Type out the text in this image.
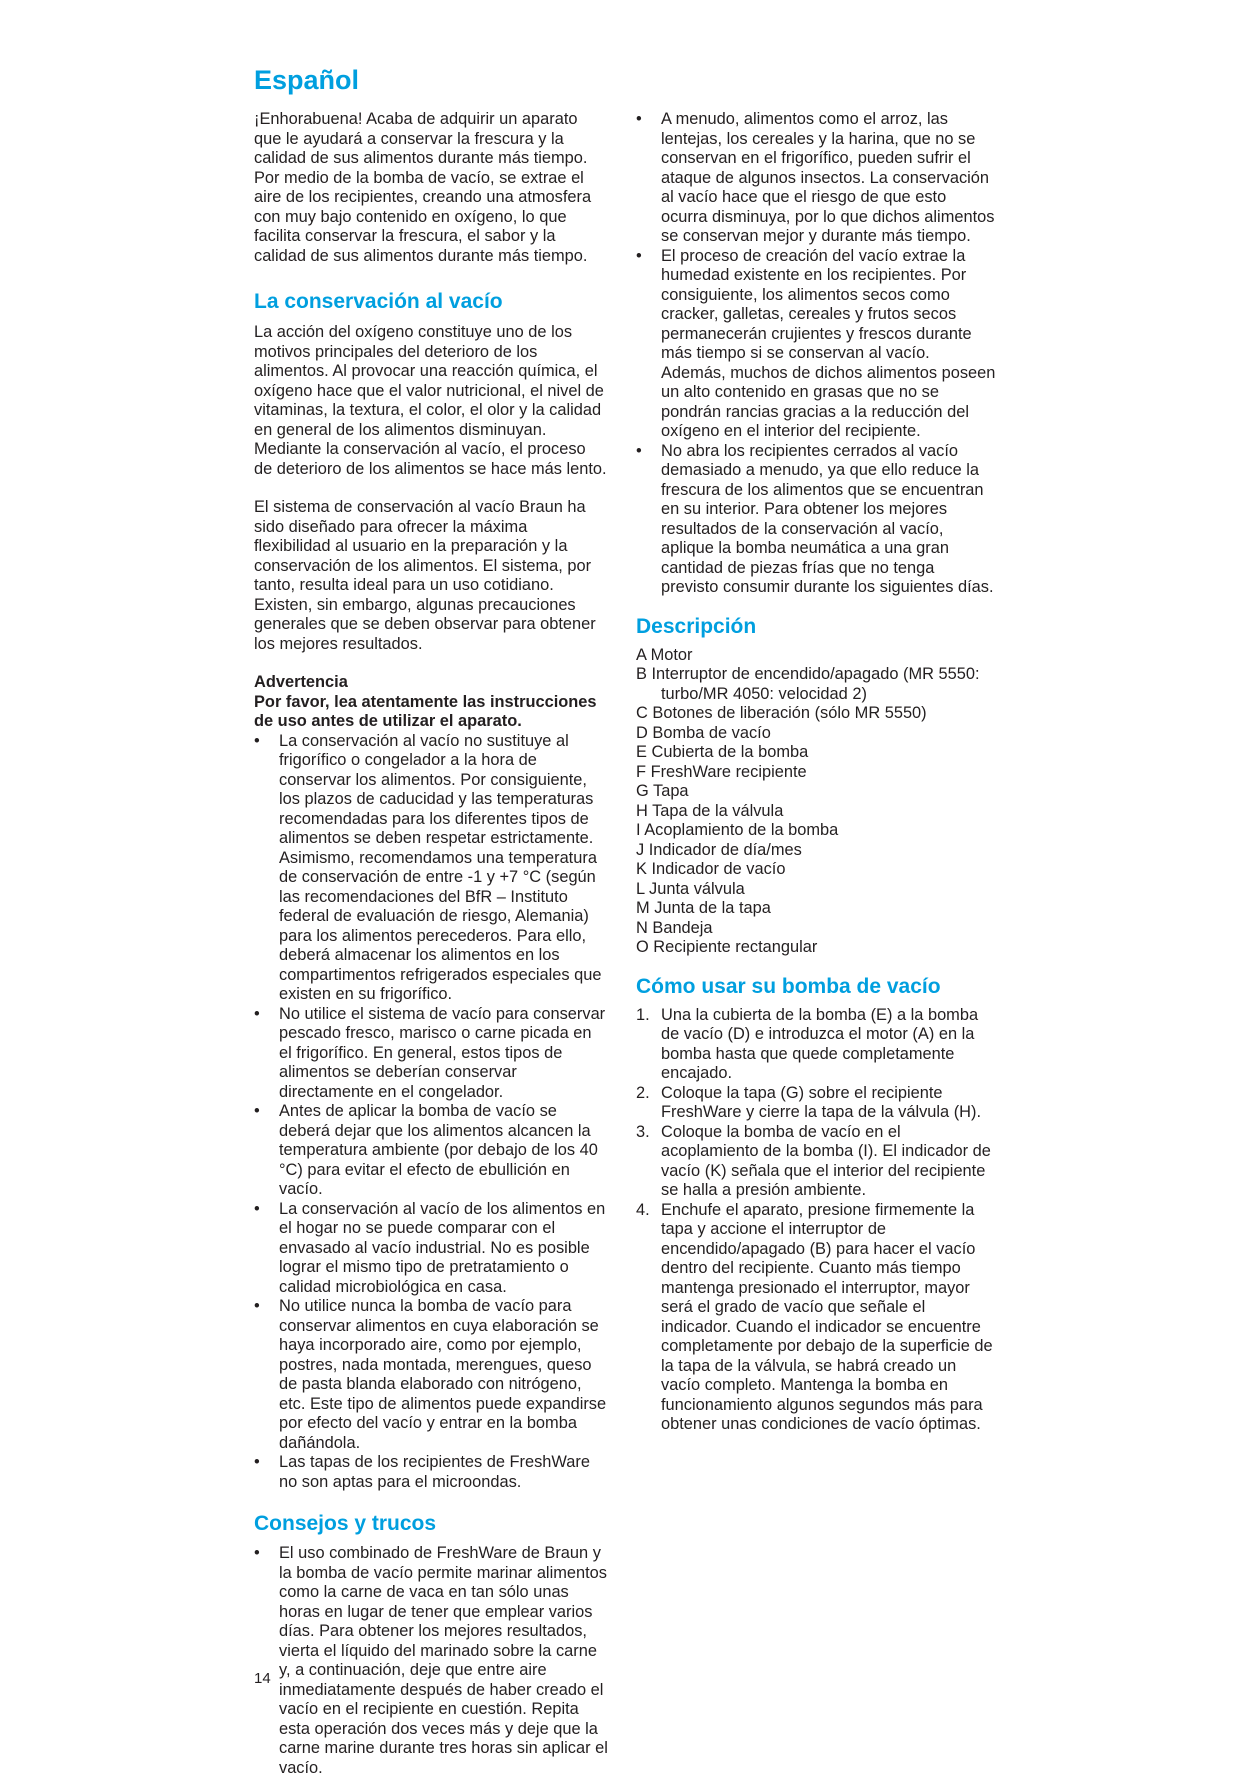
Español

¡Enhorabuena! Acaba de adquirir un aparato que le ayudará a conservar la frescura y la calidad de sus alimentos durante más tiempo. Por medio de la bomba de vacío, se extrae el aire de los recipientes, creando una atmosfera con muy bajo contenido en oxígeno, lo que facilita conservar la frescura, el sabor y la calidad de sus alimentos durante más tiempo.

La conservación al vacío

La acción del oxígeno constituye uno de los motivos principales del deterioro de los alimentos. Al provocar una reacción química, el oxígeno hace que el valor nutricional, el nivel de vitaminas, la textura, el color, el olor y la calidad en general de los alimentos disminuyan. Mediante la conservación al vacío, el proceso de deterioro de los alimentos se hace más lento.

El sistema de conservación al vacío Braun ha sido diseñado para ofrecer la máxima flexibilidad al usuario en la preparación y la conservación de los alimentos. El sistema, por tanto, resulta ideal para un uso cotidiano. Existen, sin embargo, algunas precauciones generales que se deben observar para obtener los mejores resultados.

Advertencia

Por favor, lea atentamente las instrucciones de uso antes de utilizar el aparato.

• La conservación al vacío no sustituye al frigorífico o congelador a la hora de conservar los alimentos. Por consiguiente, los plazos de caducidad y las temperaturas recomendadas para los diferentes tipos de alimentos se deben respetar estrictamente. Asimismo, recomendamos una temperatura de conservación de entre -1 y +7 °C (según las recomendaciones del BfR – Instituto federal de evaluación de riesgo, Alemania) para los alimentos perecederos. Para ello, deberá almacenar los alimentos en los compartimentos refrigerados especiales que existen en su frigorífico.
• No utilice el sistema de vacío para conservar pescado fresco, marisco o carne picada en el frigorífico. En general, estos tipos de alimentos se deberían conservar directamente en el congelador.
• Antes de aplicar la bomba de vacío se deberá dejar que los alimentos alcancen la temperatura ambiente (por debajo de los 40 °C) para evitar el efecto de ebullición en vacío.
• La conservación al vacío de los alimentos en el hogar no se puede comparar con el envasado al vacío industrial. No es posible lograr el mismo tipo de pretratamiento o calidad microbiológica en casa.
• No utilice nunca la bomba de vacío para conservar alimentos en cuya elaboración se haya incorporado aire, como por ejemplo, postres, nada montada, merengues, queso de pasta blanda elaborado con nitrógeno, etc. Este tipo de alimentos puede expandirse por efecto del vacío y entrar en la bomba dañándola.
• Las tapas de los recipientes de FreshWare no son aptas para el microondas.
Consejos y trucos
• El uso combinado de FreshWare de Braun y la bomba de vacío permite marinar alimentos como la carne de vaca en tan sólo unas horas en lugar de tener que emplear varios días. Para obtener los mejores resultados, vierta el líquido del marinado sobre la carne y, a continuación, deje que entre aire inmediatamente después de haber creado el vacío en el recipiente en cuestión. Repita esta operación dos veces más y deje que la carne marine durante tres horas sin aplicar el vacío.
• A menudo, alimentos como el arroz, las lentejas, los cereales y la harina, que no se conservan en el frigorífico, pueden sufrir el ataque de algunos insectos. La conservación al vacío hace que el riesgo de que esto ocurra disminuya, por lo que dichos alimentos se conservan mejor y durante más tiempo.
• El proceso de creación del vacío extrae la humedad existente en los recipientes. Por consiguiente, los alimentos secos como cracker, galletas, cereales y frutos secos permanecerán crujientes y frescos durante más tiempo si se conservan al vacío. Además, muchos de dichos alimentos poseen un alto contenido en grasas que no se pondrán rancias gracias a la reducción del oxígeno en el interior del recipiente.
• No abra los recipientes cerrados al vacío demasiado a menudo, ya que ello reduce la frescura de los alimentos que se encuentran en su interior. Para obtener los mejores resultados de la conservación al vacío, aplique la bomba neumática a una gran cantidad de piezas frías que no tenga previsto consumir durante los siguientes días.
Descripción
A Motor
B Interruptor de encendido/apagado (MR 5550: turbo/MR 4050: velocidad 2)
C Botones de liberación (sólo MR 5550)
D Bomba de vacío
E Cubierta de la bomba
F FreshWare recipiente
G Tapa
H Tapa de la válvula
I Acoplamiento de la bomba
J Indicador de día/mes
K Indicador de vacío
L Junta válvula
M Junta de la tapa
N Bandeja
O Recipiente rectangular
Cómo usar su bomba de vacío
1. Una la cubierta de la bomba (E) a la bomba de vacío (D) e introduzca el motor (A) en la bomba hasta que quede completamente encajado.
2. Coloque la tapa (G) sobre el recipiente FreshWare y cierre la tapa de la válvula (H).
3. Coloque la bomba de vacío en el acoplamiento de la bomba (I). El indicador de vacío (K) señala que el interior del recipiente se halla a presión ambiente.
4. Enchufe el aparato, presione firmemente la tapa y accione el interruptor de encendido/apagado (B) para hacer el vacío dentro del recipiente. Cuanto más tiempo mantenga presionado el interruptor, mayor será el grado de vacío que señale el indicador. Cuando el indicador se encuentre completamente por debajo de la superficie de la tapa de la válvula, se habrá creado un vacío completo. Mantenga la bomba en funcionamiento algunos segundos más para obtener unas condiciones de vacío óptimas.
14
